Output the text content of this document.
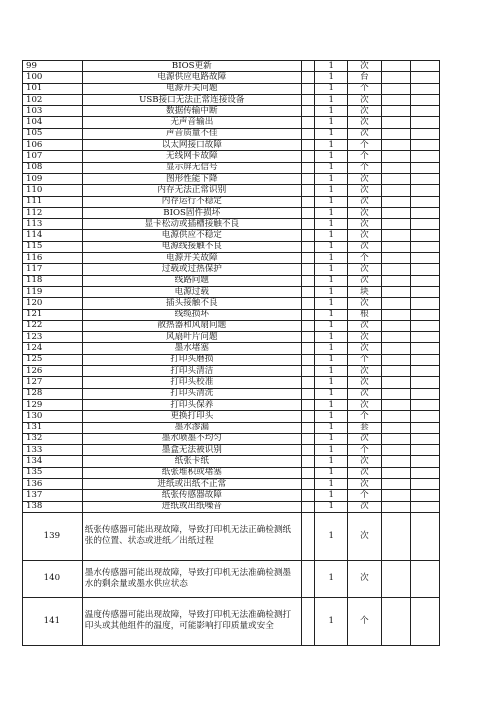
99	BIOS更新		1	次		
100	电源供应电路故障		1	台		
101	电源开关问题		1	个		
102	USB接口无法正常连接设备		1	次		
103	数据传输中断		1	次		
104	无声音输出		1	次		
105	声音质量不佳		1	次		
106	以太网接口故障		1	个		
107	无线网卡故障		1	个		
108	显示屏无信号		1	个		
109	图形性能下降		1	次		
110	内存无法正常识别		1	次		
111	内存运行不稳定		1	次		
112	BIOS固件损坏		1	次		
113	显卡松动或插槽接触不良		1	次		
114	电源供应不稳定		1	次		
115	电源线接触不良		1	次		
116	电源开关故障		1	个		
117	过载或过热保护		1	次		
118	线路问题		1	次		
119	电源过载		1	块		
120	插头接触不良		1	次		
121	线缆损坏		1	根		
122	散热器和风扇问题		1	次		
123	风扇叶片问题		1	次		
124	墨水堵塞		1	次		
125	打印头磨损		1	个		
126	打印头清洁		1	次		
127	打印头校准		1	次		
128	打印头清洗		1	次		
129	打印头保养		1	次		
130	更换打印头		1	个		
131	墨水渗漏		1	套		
132	墨水喷墨不均匀		1	次		
133	墨盒无法被识别		1	个		
134	纸张卡纸		1	次		
135	纸张堆积或堵塞		1	次		
136	进纸或出纸不正常		1	次		
137	纸张传感器故障		1	个		
138	进纸或出纸噪音		1	次		
139	纸张传感器可能出现故障，导致打印机无法正确检测纸张的位置、状态或进纸／出纸过程		1	次		
140	墨水传感器可能出现故障，导致打印机无法准确检测墨水的剩余量或墨水供应状态		1	次		
141	温度传感器可能出现故障，导致打印机无法准确检测打印头或其他组件的温度，可能影响打印质量或安全		1	个		
